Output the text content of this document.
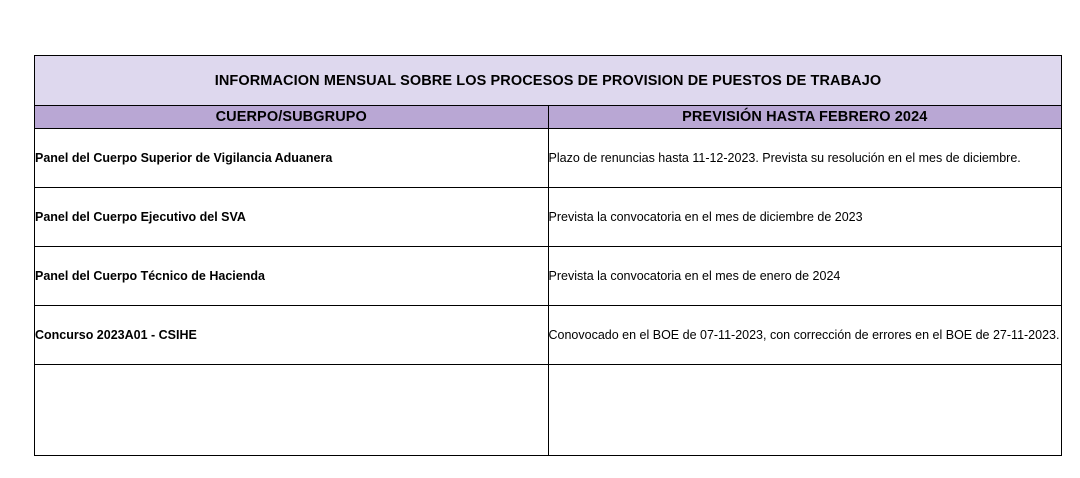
INFORMACION MENSUAL SOBRE LOS PROCESOS DE PROVISION DE PUESTOS DE TRABAJO	
CUERPO/SUBGRUPO	PREVISIÓN HASTA FEBRERO 2024
Panel del Cuerpo Superior de Vigilancia Aduanera	Plazo de renuncias hasta 11-12-2023. Prevista su resolución en el mes de diciembre.
Panel del Cuerpo Ejecutivo del SVA	Prevista la convocatoria en el mes de diciembre de 2023
Panel del Cuerpo Técnico de Hacienda	Prevista la convocatoria en el mes de enero de 2024
Concurso 2023A01 - CSIHE	Conovocado en el BOE de 07-11-2023, con corrección de errores en el BOE de 27-11-2023.
